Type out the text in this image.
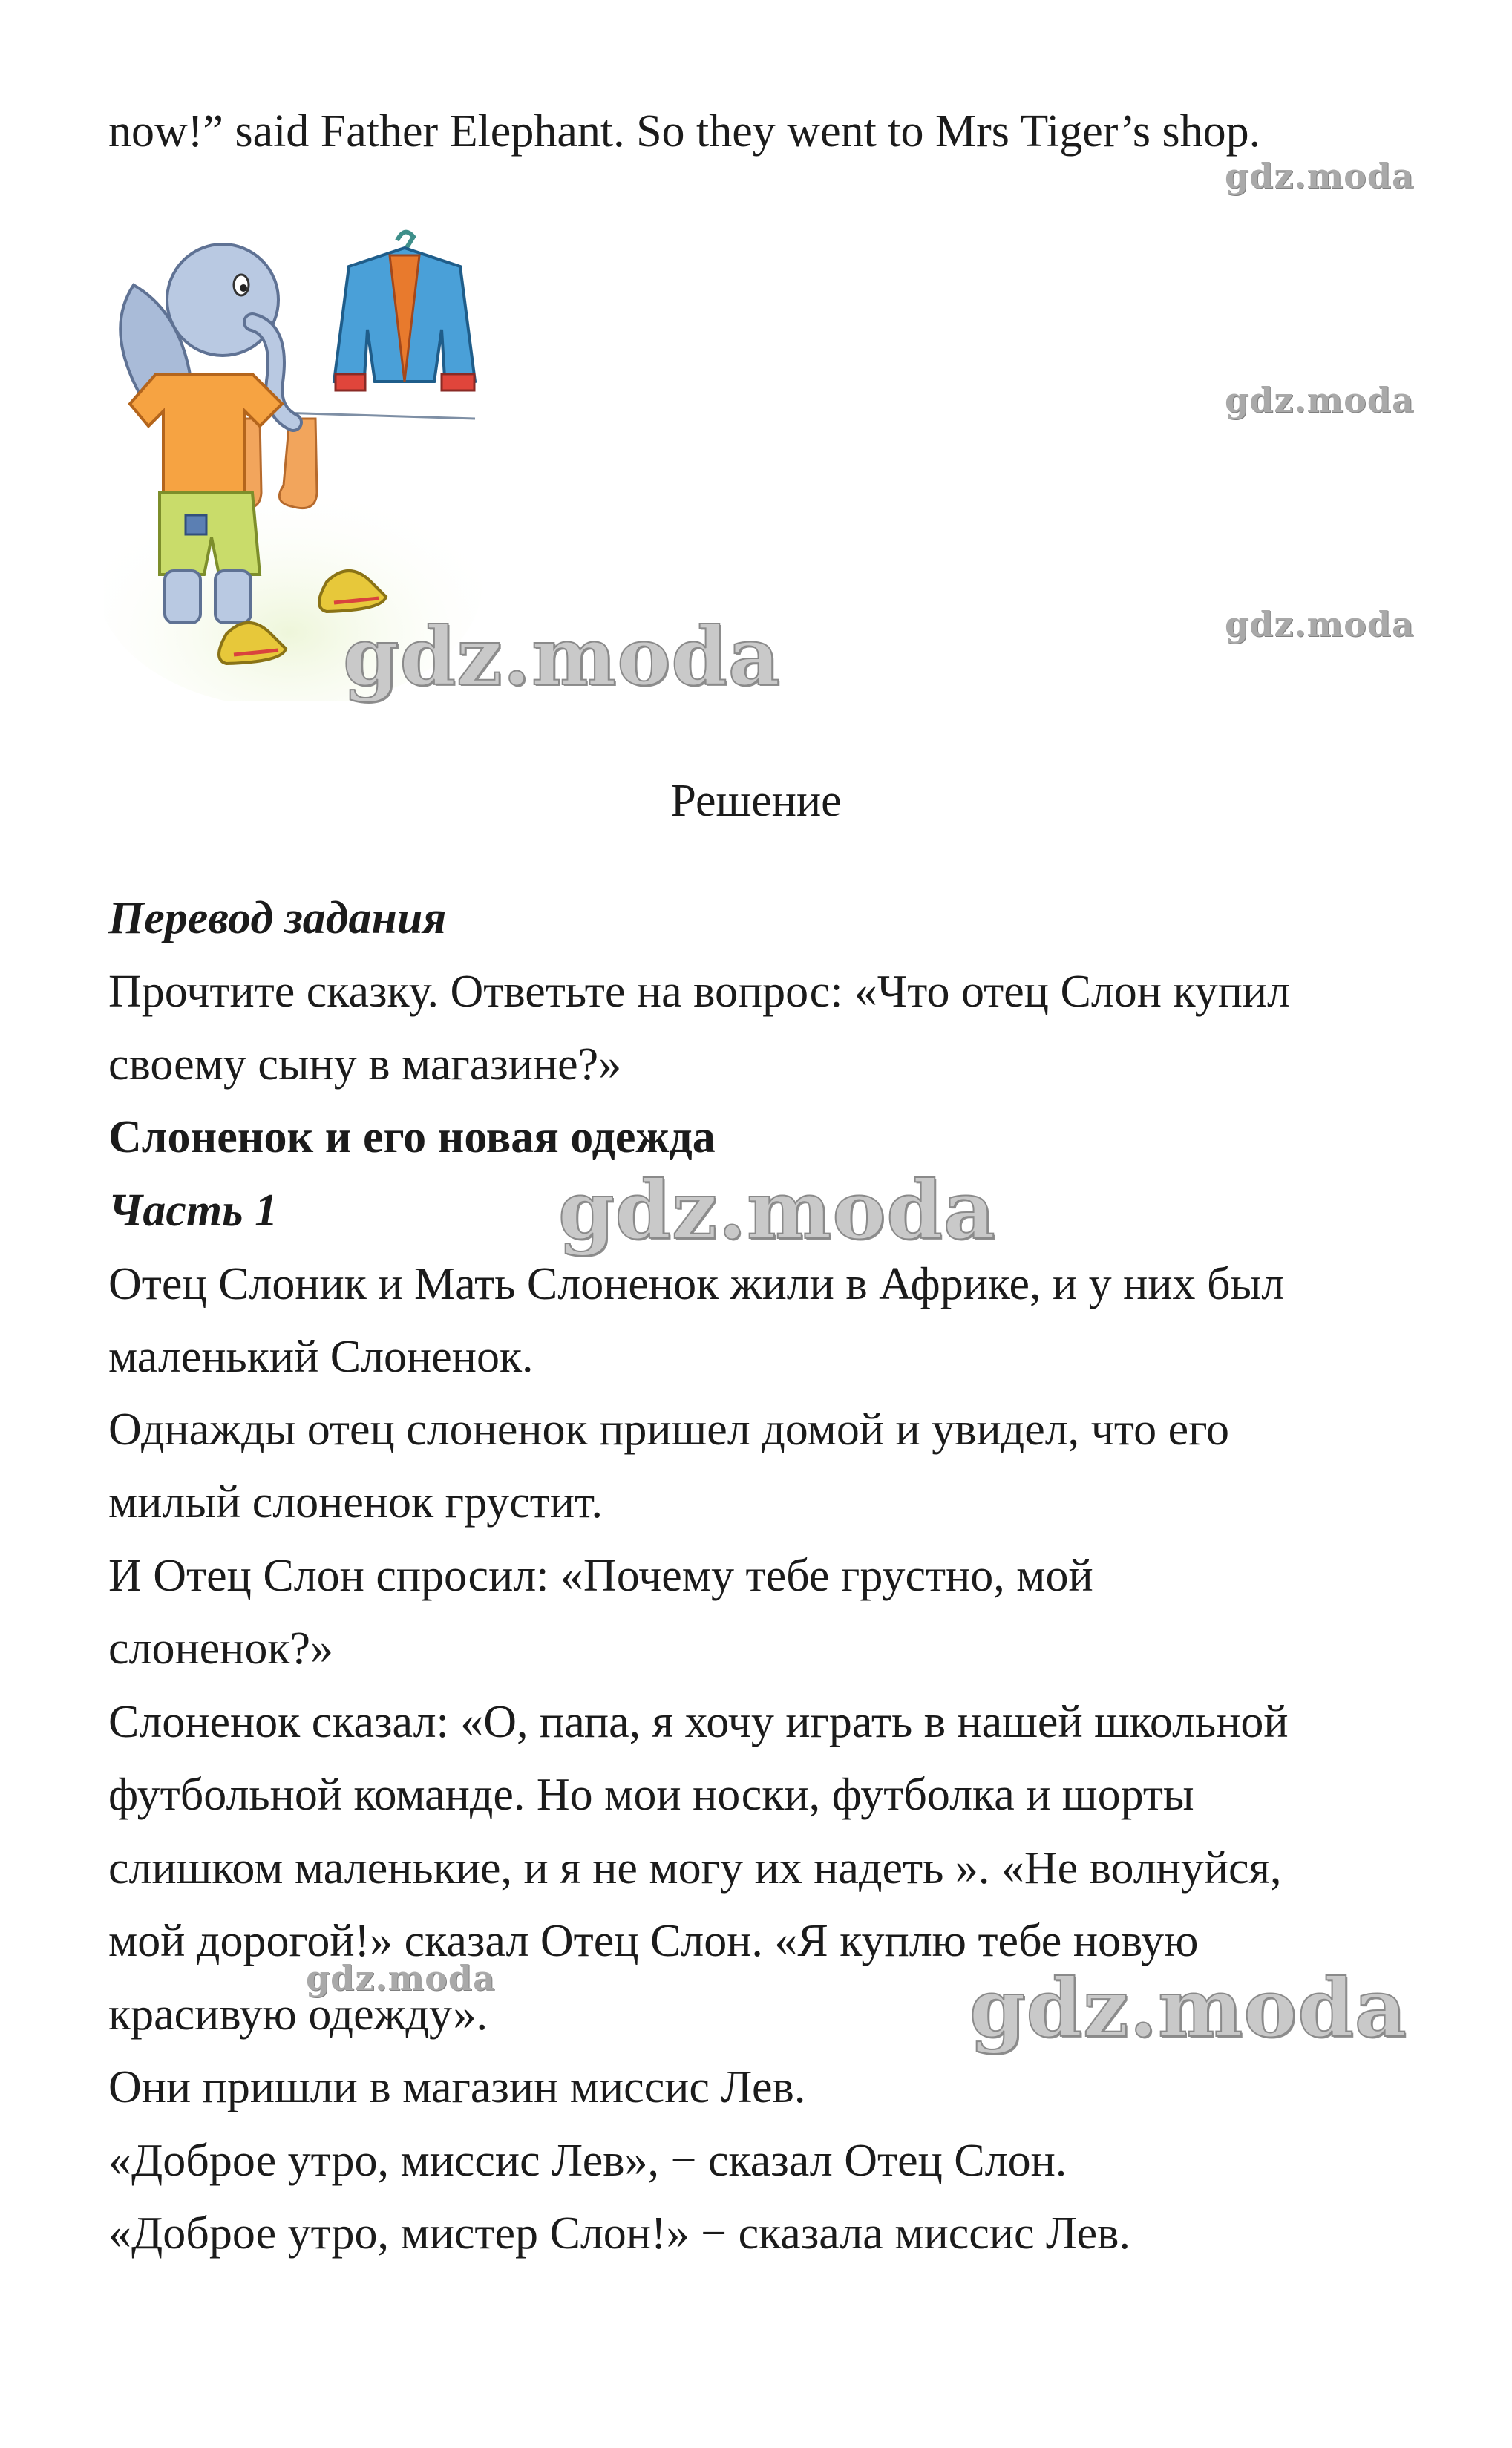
now!” said Father Elephant. So they went to Mrs Tiger’s shop.
gdz.moda
gdz.moda
gdz.moda
gdz.moda
Решение
Перевод задания
Прочтите сказку. Ответьте на вопрос: «Что отец Слон купил
своему сыну в магазине?»
Слоненок и его новая одежда
Часть 1	gdz.moda
Отец Слоник и Мать Слоненок жили в Африке, и у них был
маленький Слоненок.
Однажды отец слоненок пришел домой и увидел, что его
милый слоненок грустит.
И Отец Слон спросил: «Почему тебе грустно, мой
слоненок?»
Слоненок сказал: «О, папа, я хочу играть в нашей школьной
футбольной команде. Но мои носки, футболка и шорты
слишком маленькие, и я не могу их надеть ». «Не волнуйся,
мой дорогой!» сказал Отец Слон. «Я куплю тебе новую
gdz.moda
красивую одежду».	gdz.moda
Они пришли в магазин миссис Лев.
«Доброе утро, миссис Лев», − сказал Отец Слон.
«Доброе утро, мистер Слон!» − сказала миссис Лев.
